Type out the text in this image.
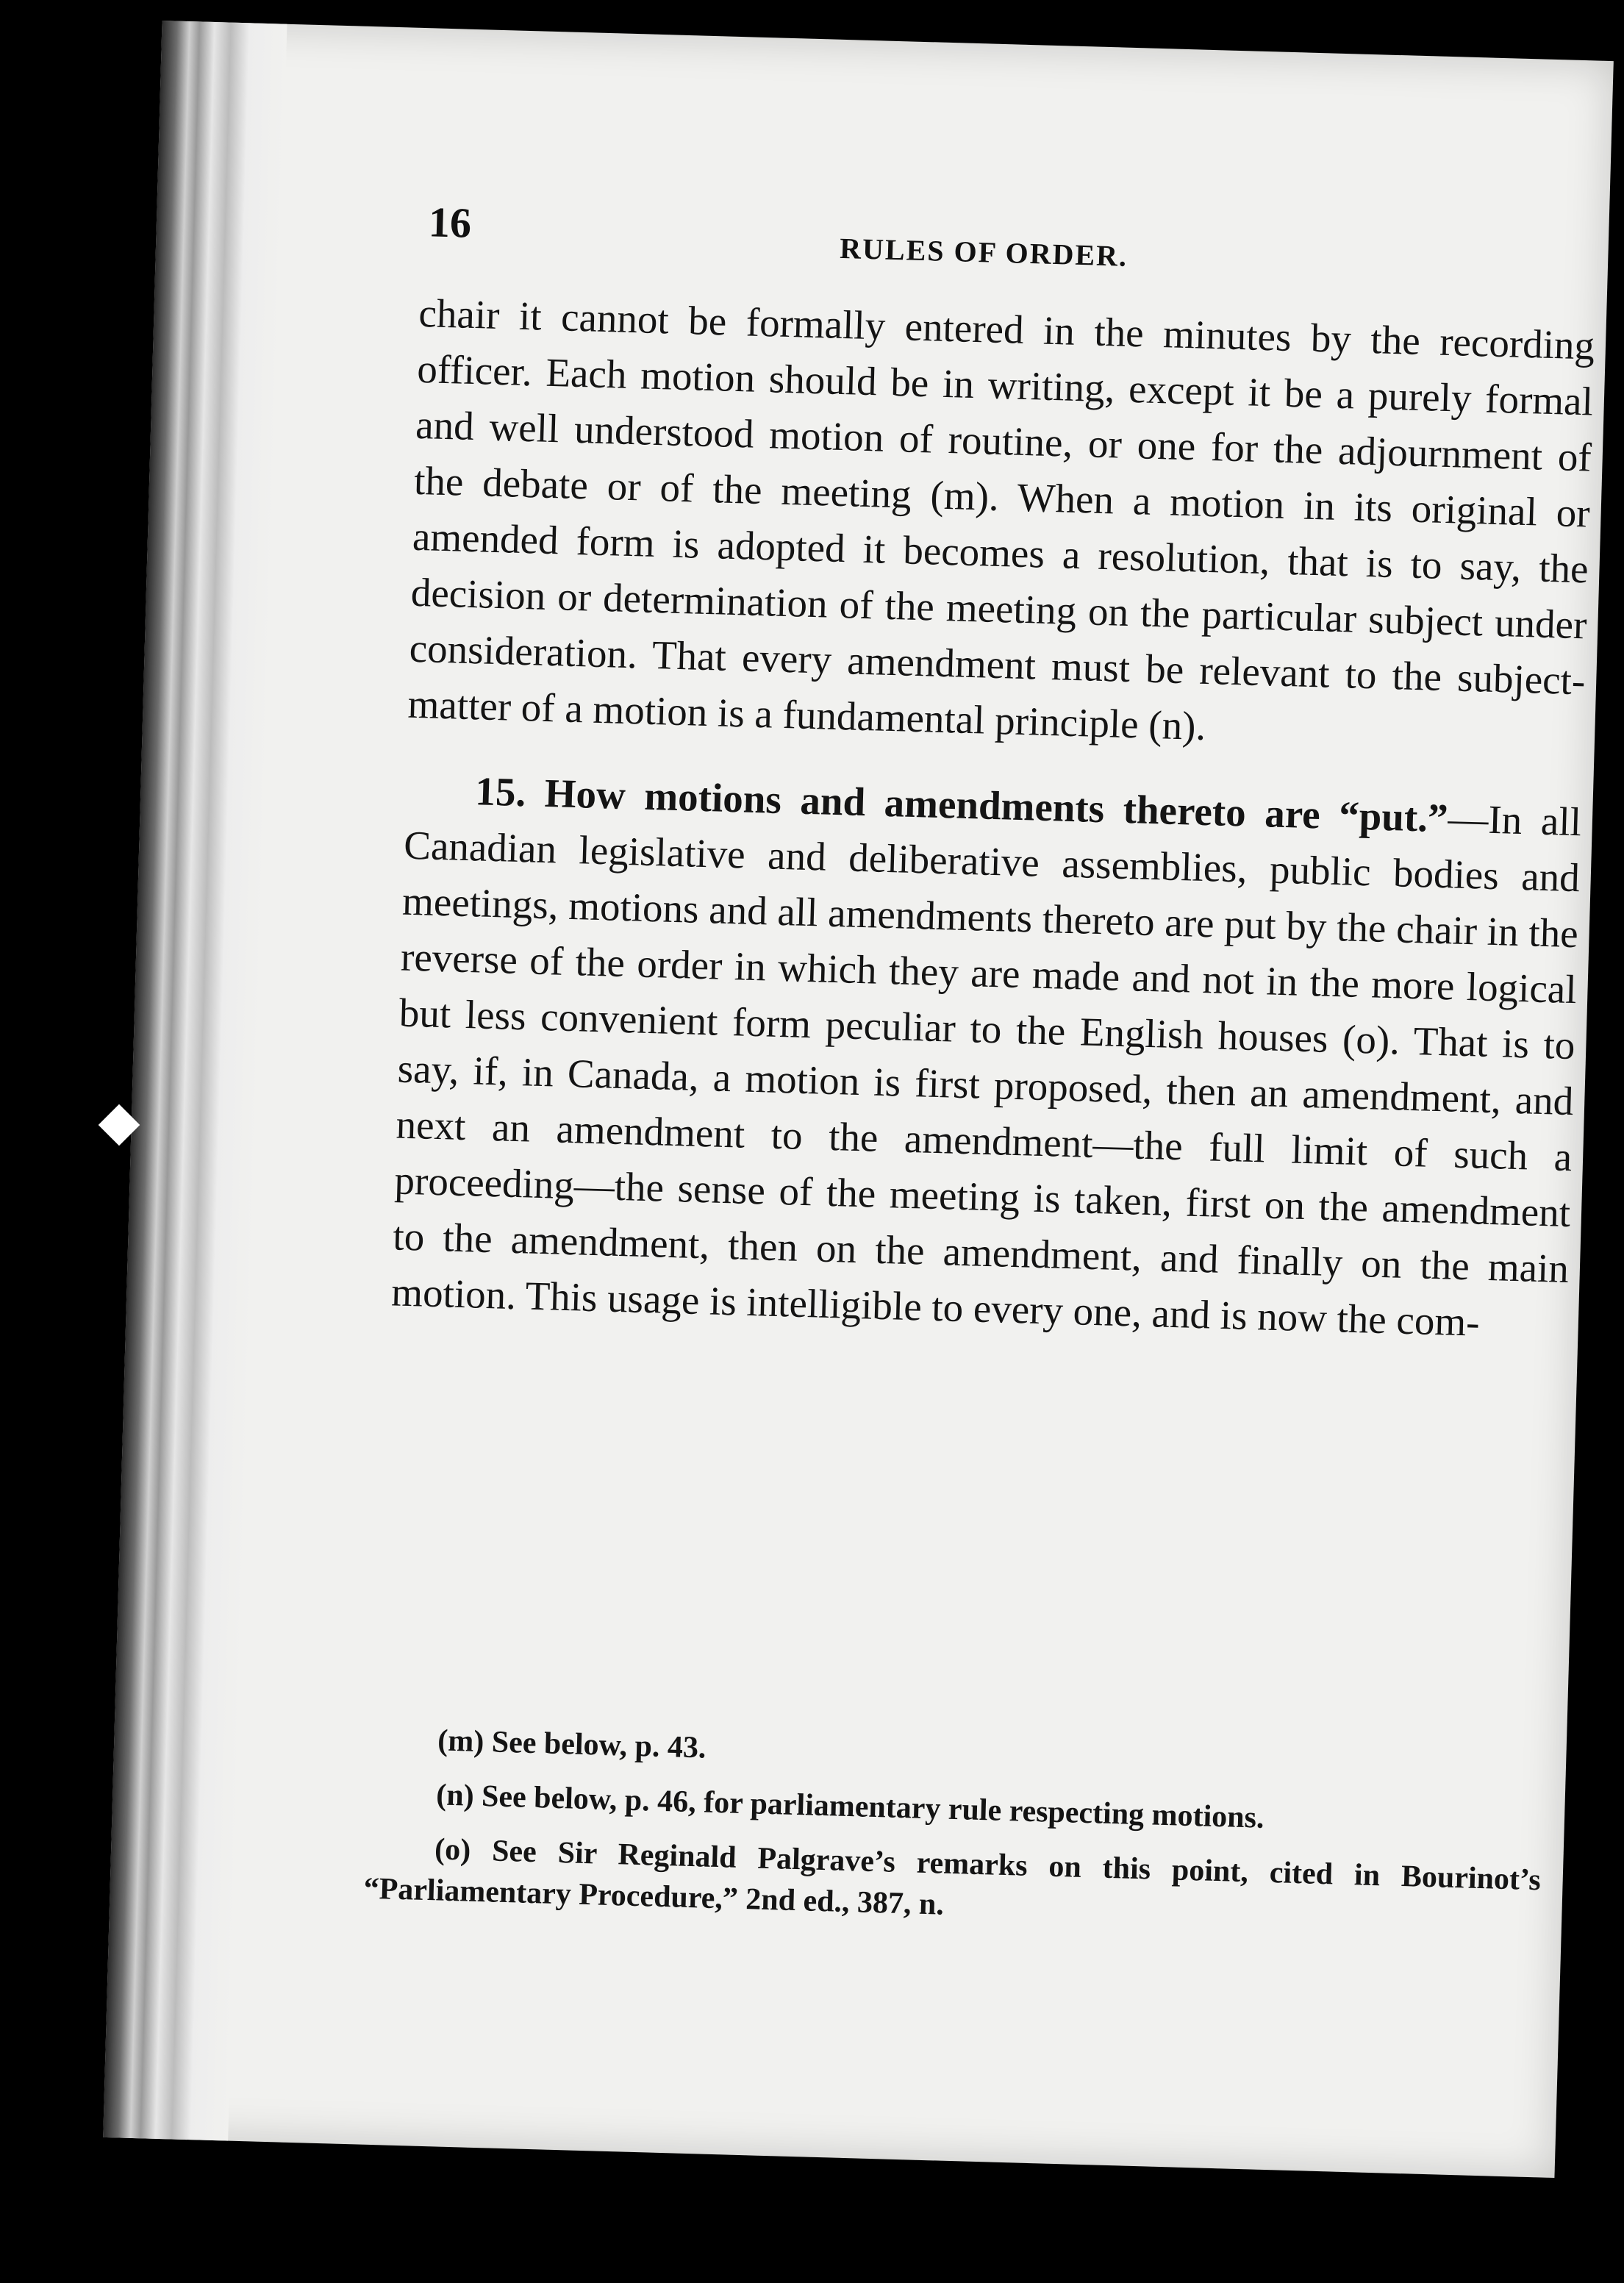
16
RULES OF ORDER.

chair it cannot be formally entered in the minutes by the recording officer. Each motion should be in writing, except it be a purely formal and well understood motion of routine, or one for the adjournment of the debate or of the meeting (m). When a motion in its original or amended form is adopted it becomes a resolution, that is to say, the decision or determination of the meeting on the particular subject under consideration. That every amendment must be relevant to the subject-matter of a motion is a fundamental principle (n).

15. How motions and amendments thereto are “put.”—In all Canadian legislative and deliberative assemblies, public bodies and meetings, motions and all amendments thereto are put by the chair in the reverse of the order in which they are made and not in the more logical but less convenient form peculiar to the English houses (o). That is to say, if, in Canada, a motion is first proposed, then an amendment, and next an amendment to the amendment—the full limit of such a proceeding—the sense of the meeting is taken, first on the amendment to the amendment, then on the amendment, and finally on the main motion. This usage is intelligible to every one, and is now the com-

(m) See below, p. 43.

(n) See below, p. 46, for parliamentary rule respecting motions.

(o) See Sir Reginald Palgrave’s remarks on this point, cited in Bourinot’s “Parliamentary Procedure,” 2nd ed., 387, n.
